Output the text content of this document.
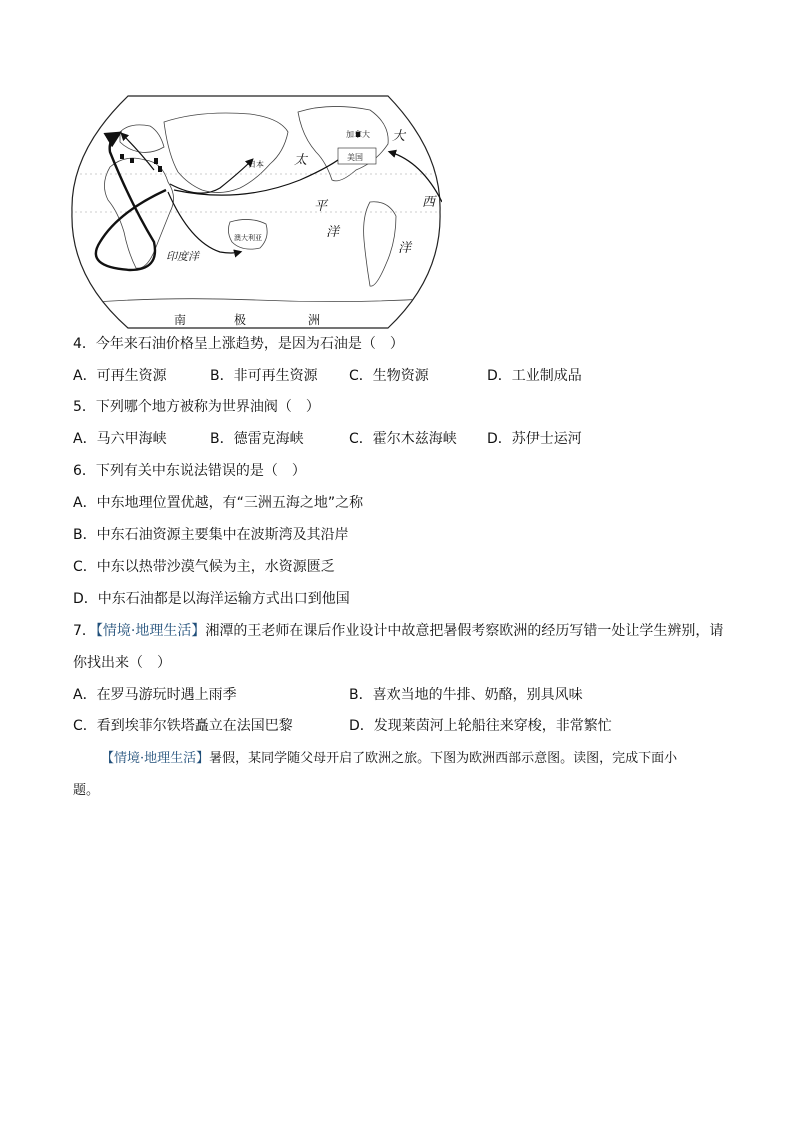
加拿大
美国
日本
澳大利亚
太
平
洋
大
西
洋
印度洋
南	极	洲
4．今年来石油价格呈上涨趋势，是因为石油是（　）
A．可再生资源	B．非可再生资源 C．生物资源	D．工业制成品
5．下列哪个地方被称为世界油阀（　）
A．马六甲海峡	B．德雷克海峡	C．霍尔木兹海峡 D．苏伊士运河
6．下列有关中东说法错误的是（　）
A．中东地理位置优越，有“三洲五海之地”之称
B．中东石油资源主要集中在波斯湾及其沿岸
C．中东以热带沙漠气候为主，水资源匮乏
D．中东石油都是以海洋运输方式出口到他国
7．【情境·地理生活】湘潭的王老师在课后作业设计中故意把暑假考察欧洲的经历写错一处让学生辨别，请
你找出来（　）
A．在罗马游玩时遇上雨季	B．喜欢当地的牛排、奶酪，别具风味
C．看到埃菲尔铁塔矗立在法国巴黎	D．发现莱茵河上轮船往来穿梭，非常繁忙
【情境·地理生活】暑假，某同学随父母开启了欧洲之旅。下图为欧洲西部示意图。读图，完成下面小
题。
